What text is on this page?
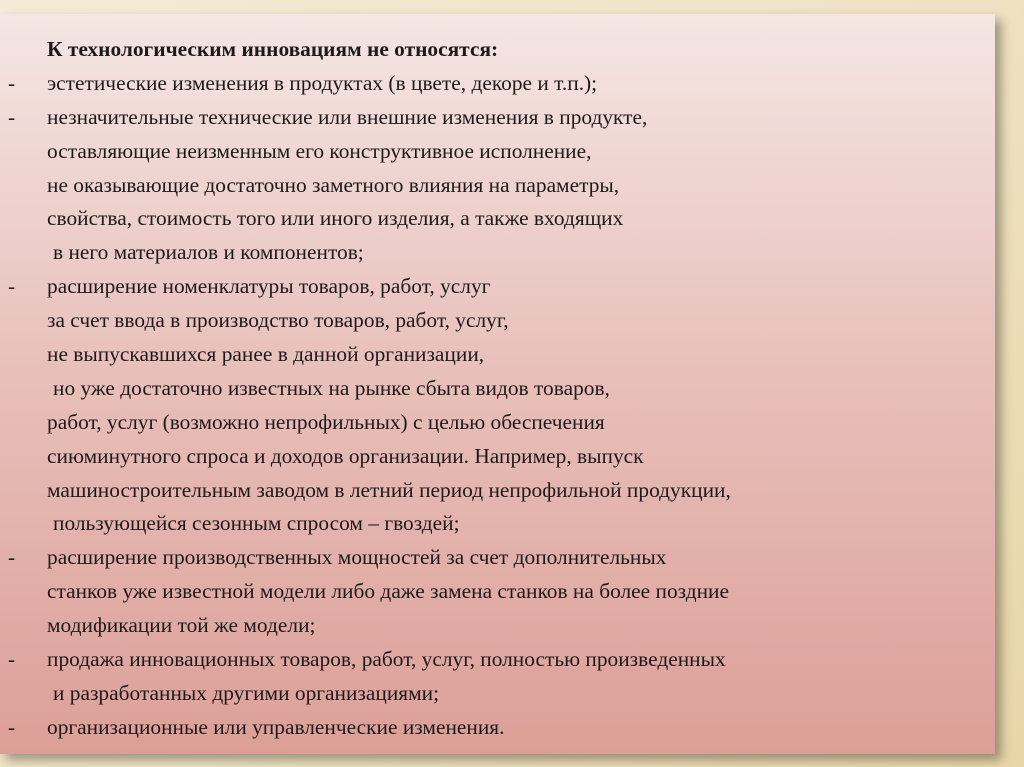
К технологическим инновациям не относятся:
- эстетические изменения в продуктах (в цвете, декоре и т.п.);
- незначительные технические или внешние изменения в продукте,
оставляющие неизменным его конструктивное исполнение,
не оказывающие достаточно заметного влияния на параметры,
свойства, стоимость того или иного изделия, а также входящих
в него материалов и компонентов;
- расширение номенклатуры товаров, работ, услуг
за счет ввода в производство товаров, работ, услуг,
не выпускавшихся ранее в данной организации,
но уже достаточно известных на рынке сбыта видов товаров,
работ, услуг (возможно непрофильных) с целью обеспечения
сиюминутного спроса и доходов организации. Например, выпуск
машиностроительным заводом в летний период непрофильной продукции,
пользующейся сезонным спросом – гвоздей;
- расширение производственных мощностей за счет дополнительных
станков уже известной модели либо даже замена станков на более поздние
модификации той же модели;
- продажа инновационных товаров, работ, услуг, полностью произведенных
и разработанных другими организациями;
- организационные или управленческие изменения.
